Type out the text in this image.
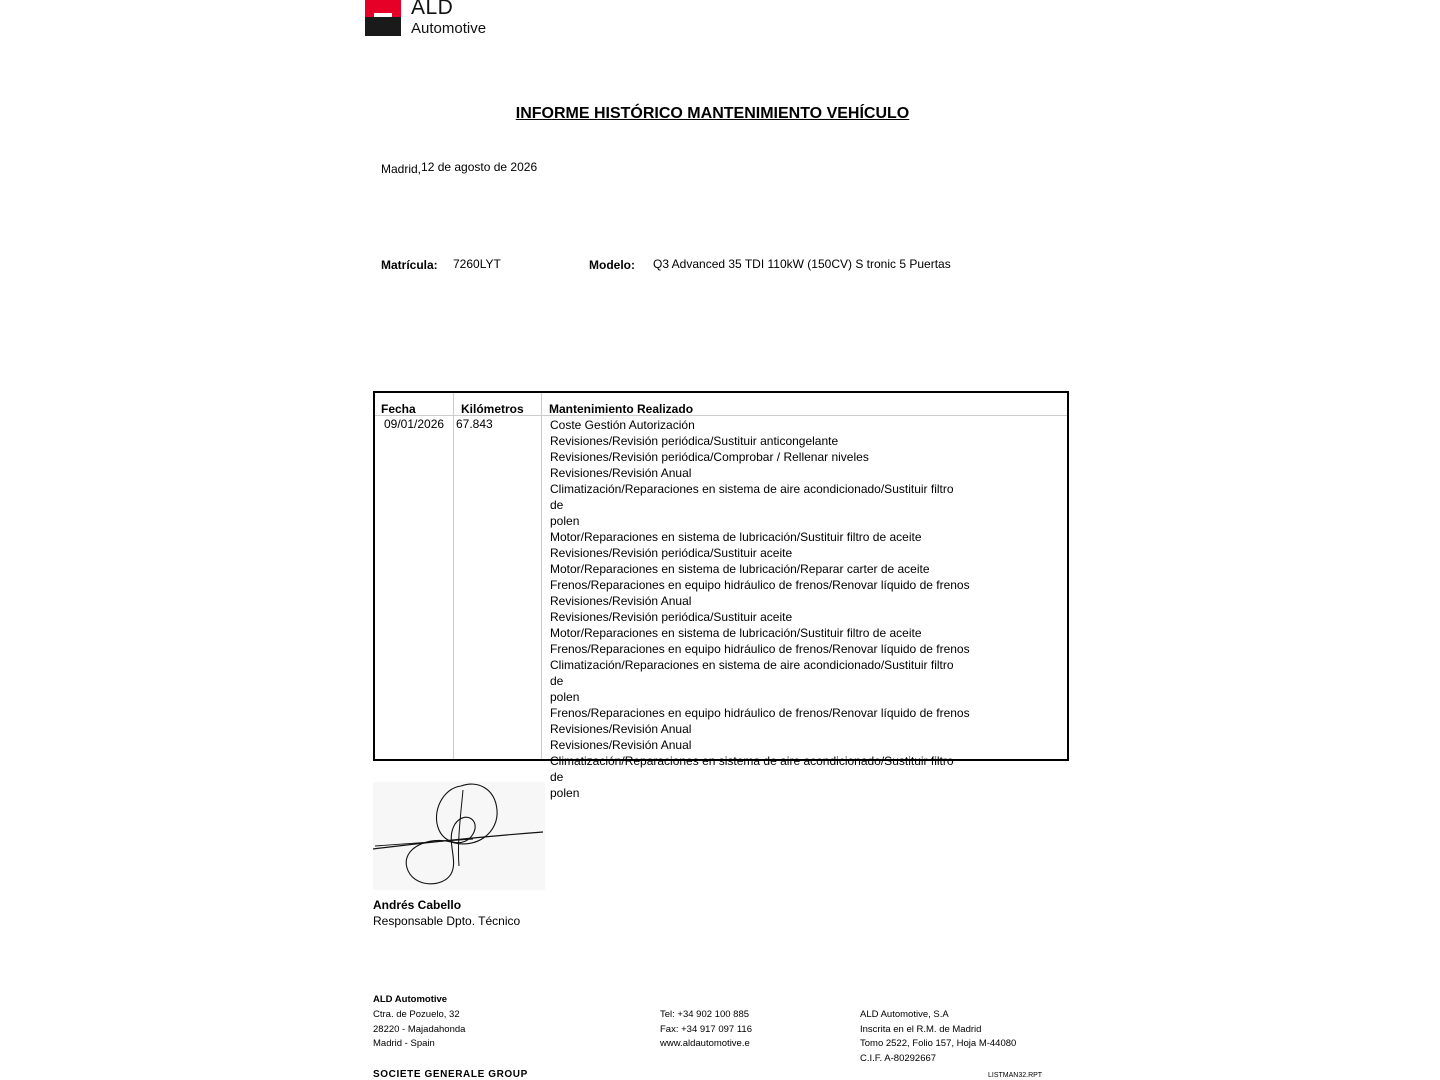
ALD
Automotive
INFORME HISTÓRICO MANTENIMIENTO VEHÍCULO
Madrid,12 de agosto de 2026
Matrícula: 7260LYT	Modelo: Q3 Advanced 35 TDI 110kW (150CV) S tronic 5 Puertas
Fecha	Kilómetros Mantenimiento Realizado
09/01/2026 67.843	Coste Gestión Autorización
Revisiones/Revisión periódica/Sustituir anticongelante
Revisiones/Revisión periódica/Comprobar / Rellenar niveles
Revisiones/Revisión Anual
Climatización/Reparaciones en sistema de aire acondicionado/Sustituir filtro de
polen
Motor/Reparaciones en sistema de lubricación/Sustituir filtro de aceite
Revisiones/Revisión periódica/Sustituir aceite
Motor/Reparaciones en sistema de lubricación/Reparar carter de aceite
Frenos/Reparaciones en equipo hidráulico de frenos/Renovar líquido de frenos
Revisiones/Revisión Anual
Revisiones/Revisión periódica/Sustituir aceite
Motor/Reparaciones en sistema de lubricación/Sustituir filtro de aceite
Frenos/Reparaciones en equipo hidráulico de frenos/Renovar líquido de frenos
Climatización/Reparaciones en sistema de aire acondicionado/Sustituir filtro de
polen
Frenos/Reparaciones en equipo hidráulico de frenos/Renovar líquido de frenos
Revisiones/Revisión Anual
Revisiones/Revisión Anual
Climatización/Reparaciones en sistema de aire acondicionado/Sustituir filtro de
polen
Andrés Cabello
Responsable Dpto. Técnico
ALD Automotive
Ctra. de Pozuelo, 32
28220 - Majadahonda
Madrid - Spain
Tel: +34 902 100 885
Fax: +34 917 097 116
www.aldautomotive.e
ALD Automotive, S.A
Inscrita en el R.M. de Madrid
Tomo 2522, Folio 157, Hoja M-44080
C.I.F. A-80292667
SOCIETE GENERALE GROUP	LISTMAN32.RPT
